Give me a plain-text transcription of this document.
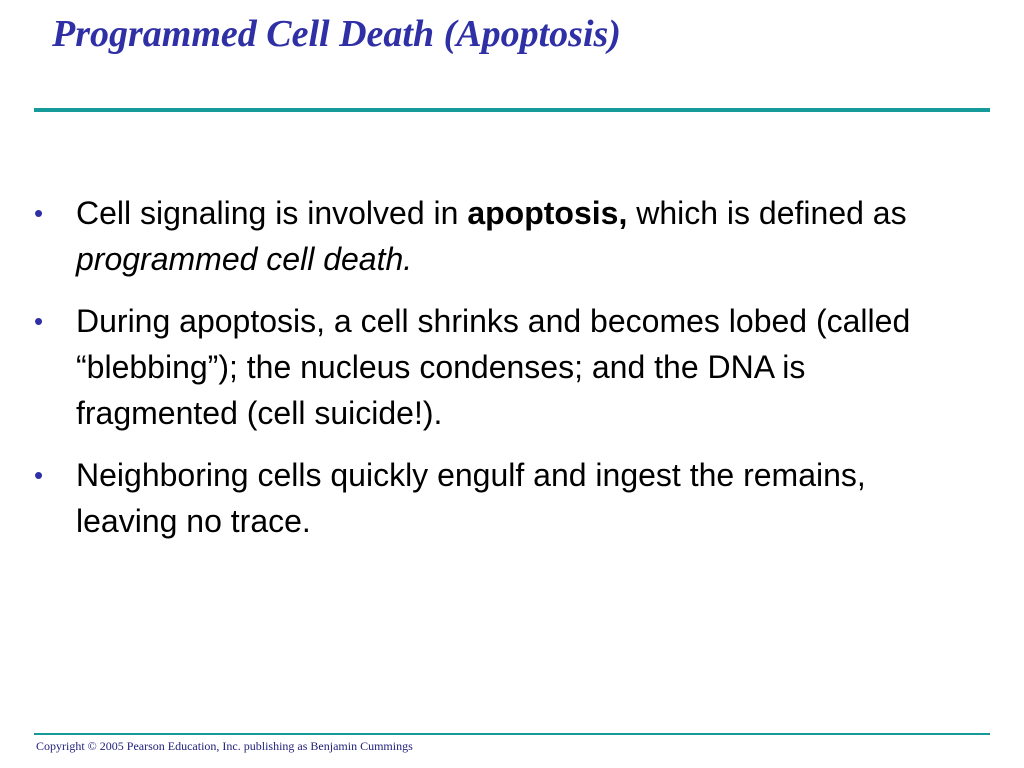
Programmed Cell Death (Apoptosis)
•	Cell signaling is involved in apoptosis, which is defined as programmed cell death.
•	During apoptosis, a cell shrinks and becomes lobed (called “blebbing”); the nucleus condenses; and the DNA is fragmented (cell suicide!).
•	Neighboring cells quickly engulf and ingest the remains, leaving no trace.
Copyright © 2005 Pearson Education, Inc. publishing as Benjamin Cummings
